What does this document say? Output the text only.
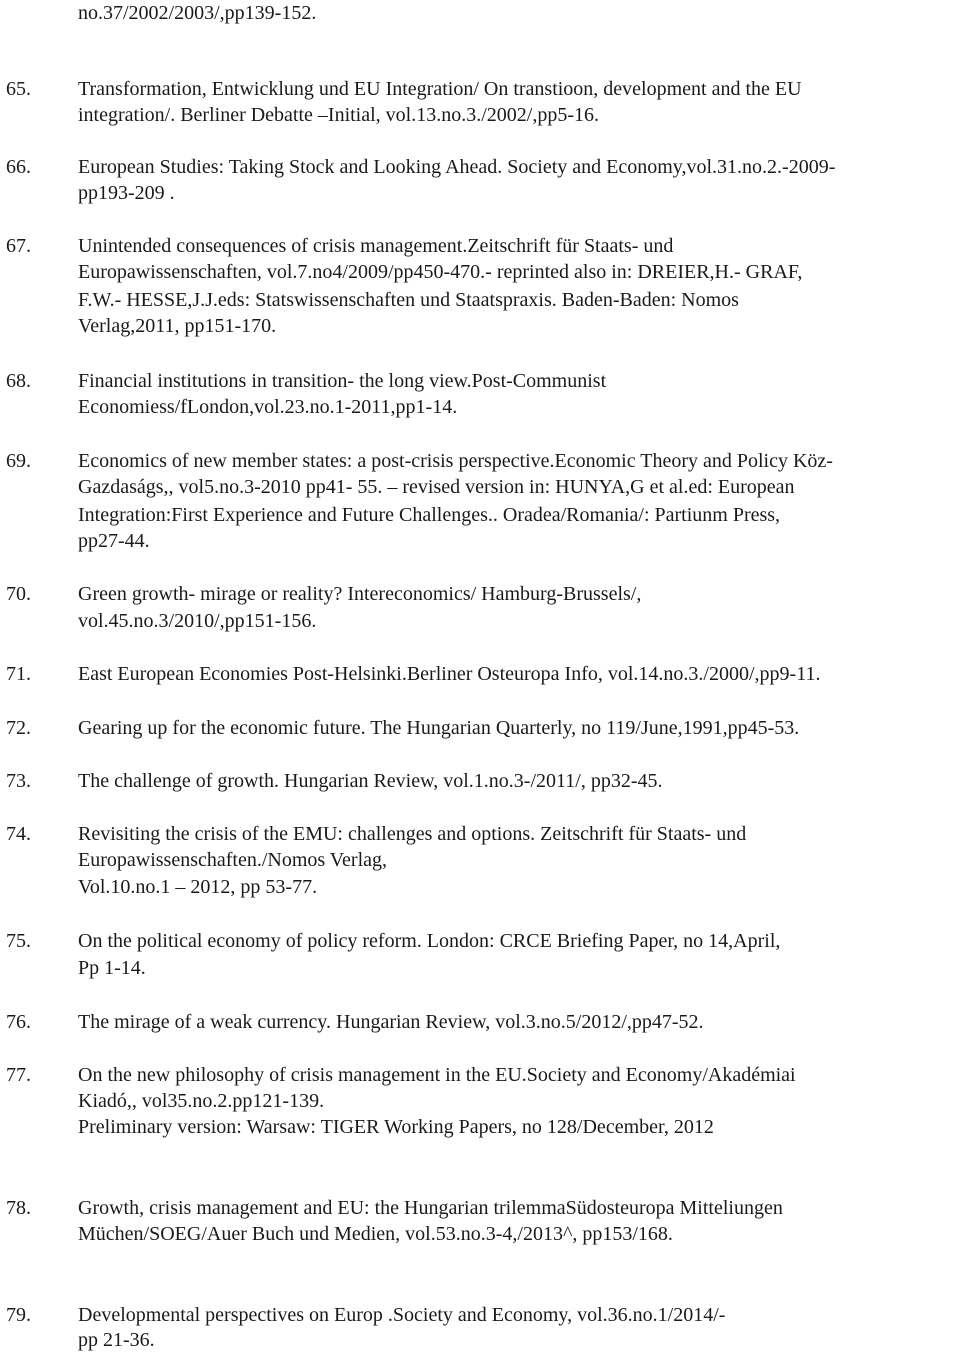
no.37/2002/2003/,pp139-152.
65. Transformation, Entwicklung und EU Integration/ On transtioon, development and the EU
integration/. Berliner Debatte –Initial, vol.13.no.3./2002/,pp5-16.
66. European Studies: Taking Stock and Looking Ahead. Society and Economy,vol.31.no.2.-2009-
pp193-209 .
67. Unintended consequences of crisis management.Zeitschrift für Staats- und
Europawissenschaften, vol.7.no4/2009/pp450-470.- reprinted also in: DREIER,H.- GRAF,
F.W.- HESSE,J.J.eds: Statswissenschaften und Staatspraxis. Baden-Baden: Nomos
Verlag,2011, pp151-170.
68. Financial institutions in transition- the long view.Post-Communist
Economiess/fLondon,vol.23.no.1-2011,pp1-14.
69. Economics of new member states: a post-crisis perspective.Economic Theory and Policy Köz-
Gazdaságs,, vol5.no.3-2010 pp41- 55. – revised version in: HUNYA,G et al.ed: European
Integration:First Experience and Future Challenges.. Oradea/Romania/: Partiunm Press,
pp27-44.
70. Green growth- mirage or reality? Intereconomics/ Hamburg-Brussels/,
vol.45.no.3/2010/,pp151-156.
71. East European Economies Post-Helsinki.Berliner Osteuropa Info, vol.14.no.3./2000/,pp9-11.
72. Gearing up for the economic future. The Hungarian Quarterly, no 119/June,1991,pp45-53.
73. The challenge of growth. Hungarian Review, vol.1.no.3-/2011/, pp32-45.
74. Revisiting the crisis of the EMU: challenges and options. Zeitschrift für Staats- und
Europawissenschaften./Nomos Verlag,
Vol.10.no.1 – 2012, pp 53-77.
75. On the political economy of policy reform. London: CRCE Briefing Paper, no 14,April,
Pp 1-14.
76. The mirage of a weak currency. Hungarian Review, vol.3.no.5/2012/,pp47-52.
77. On the new philosophy of crisis management in the EU.Society and Economy/Akadémiai
Kiadó,, vol35.no.2.pp121-139.
Preliminary version: Warsaw: TIGER Working Papers, no 128/December, 2012
78. Growth, crisis management and EU: the Hungarian trilemmaSüdosteuropa Mitteliungen
Müchen/SOEG/Auer Buch und Medien, vol.53.no.3-4,/2013^, pp153/168.
79. Developmental perspectives on Europ .Society and Economy, vol.36.no.1/2014/-
pp 21-36.
